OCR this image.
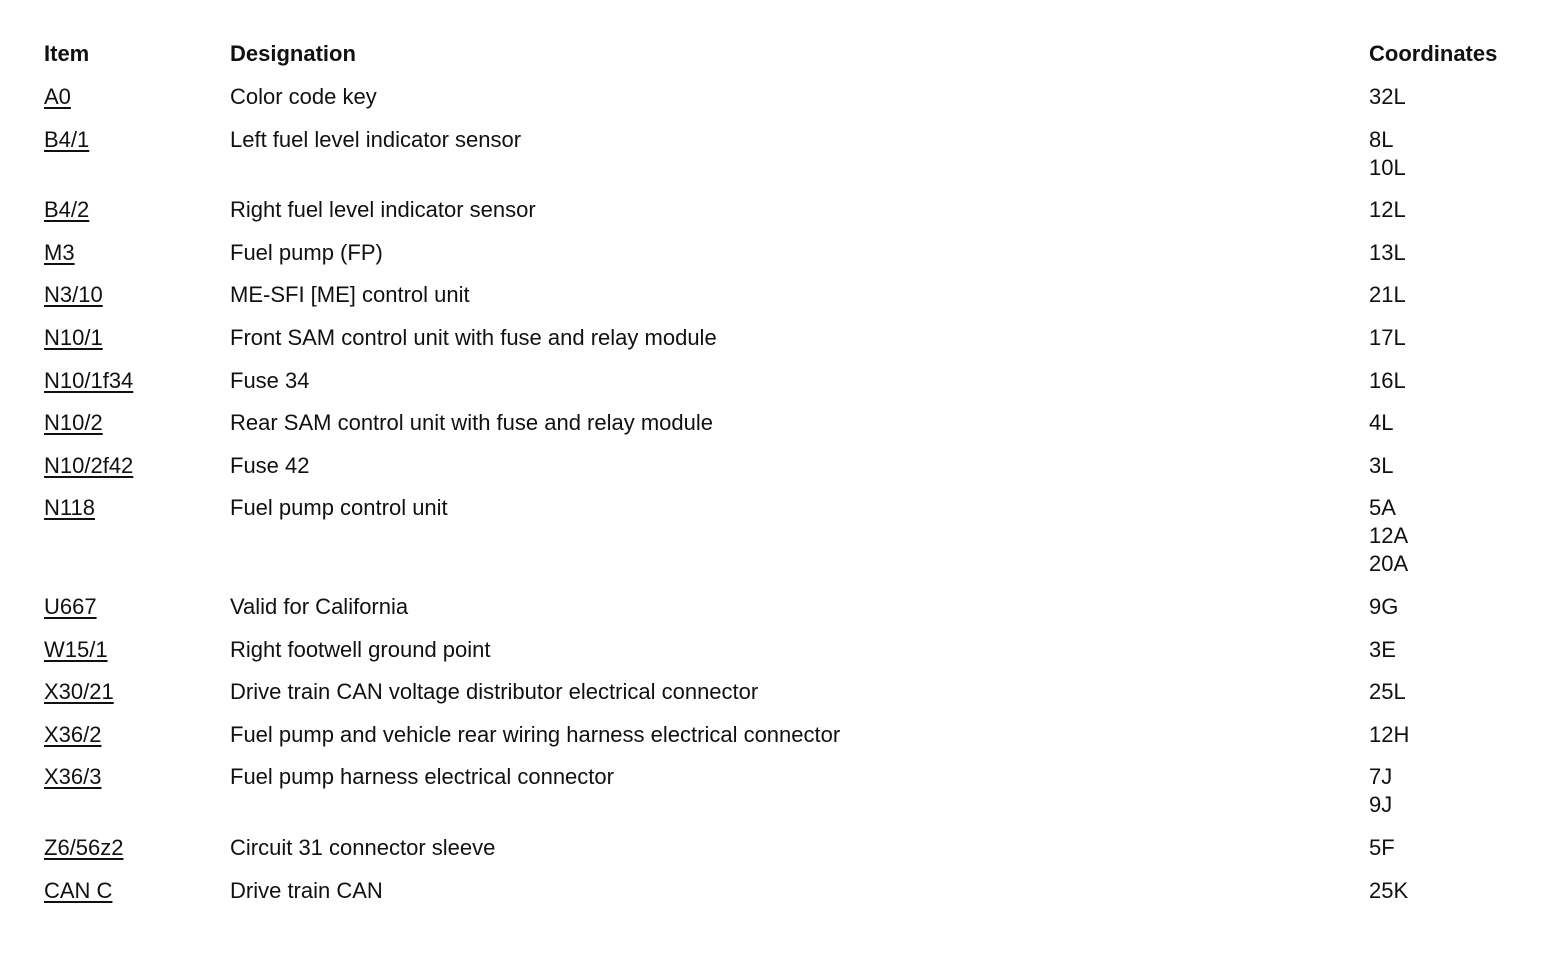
Item	Designation	Coordinates
A0	Color code key	32L
B4/1	Left fuel level indicator sensor	8L
10L
B4/2	Right fuel level indicator sensor	12L
M3	Fuel pump (FP)	13L
N3/10	ME-SFI [ME] control unit	21L
N10/1	Front SAM control unit with fuse and relay module	17L
N10/1f34	Fuse 34	16L
N10/2	Rear SAM control unit with fuse and relay module	4L
N10/2f42	Fuse 42	3L
N118	Fuel pump control unit	5A
12A
20A
U667	Valid for California	9G
W15/1	Right footwell ground point	3E
X30/21	Drive train CAN voltage distributor electrical connector	25L
X36/2	Fuel pump and vehicle rear wiring harness electrical connector	12H
X36/3	Fuel pump harness electrical connector	7J
9J
Z6/56z2	Circuit 31 connector sleeve	5F
CAN C	Drive train CAN	25K
